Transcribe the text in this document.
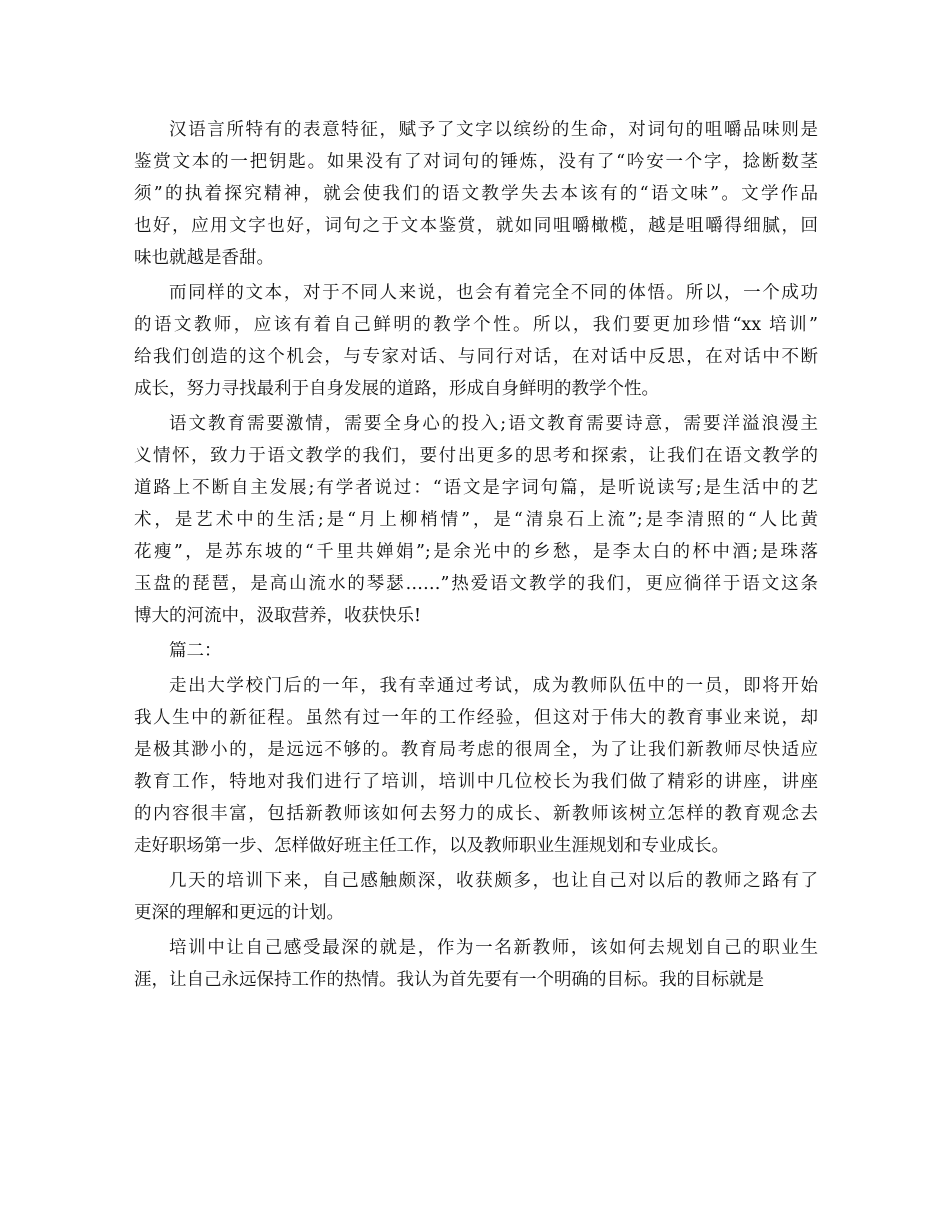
汉语言所特有的表意特征，赋予了文字以缤纷的生命，对词句的咀嚼品味则是
鉴赏文本的一把钥匙。如果没有了对词句的锤炼，没有了“吟安一个字，捻断数茎
须”的执着探究精神，就会使我们的语文教学失去本该有的“语文味”。文学作品
也好，应用文字也好，词句之于文本鉴赏，就如同咀嚼橄榄，越是咀嚼得细腻，回
味也就越是香甜。
而同样的文本，对于不同人来说，也会有着完全不同的体悟。所以，一个成功
的语文教师，应该有着自己鲜明的教学个性。所以，我们要更加珍惜“xx 培训”
给我们创造的这个机会，与专家对话、与同行对话，在对话中反思，在对话中不断
成长，努力寻找最利于自身发展的道路，形成自身鲜明的教学个性。
语文教育需要激情，需要全身心的投入;语文教育需要诗意，需要洋溢浪漫主
义情怀，致力于语文教学的我们，要付出更多的思考和探索，让我们在语文教学的
道路上不断自主发展;有学者说过：“语文是字词句篇，是听说读写;是生活中的艺
术，是艺术中的生活;是“月上柳梢情”，是“清泉石上流”;是李清照的“人比黄
花瘦”，是苏东坡的“千里共婵娟”;是余光中的乡愁，是李太白的杯中酒;是珠落
玉盘的琵琶，是高山流水的琴瑟……”热爱语文教学的我们，更应徜徉于语文这条
博大的河流中，汲取营养，收获快乐!
篇二：
走出大学校门后的一年，我有幸通过考试，成为教师队伍中的一员，即将开始
我人生中的新征程。虽然有过一年的工作经验，但这对于伟大的教育事业来说，却
是极其渺小的，是远远不够的。教育局考虑的很周全，为了让我们新教师尽快适应
教育工作，特地对我们进行了培训，培训中几位校长为我们做了精彩的讲座，讲座
的内容很丰富，包括新教师该如何去努力的成长、新教师该树立怎样的教育观念去
走好职场第一步、怎样做好班主任工作，以及教师职业生涯规划和专业成长。
几天的培训下来，自己感触颇深，收获颇多，也让自己对以后的教师之路有了
更深的理解和更远的计划。
培训中让自己感受最深的就是，作为一名新教师，该如何去规划自己的职业生
涯，让自己永远保持工作的热情。我认为首先要有一个明确的目标。我的目标就是
